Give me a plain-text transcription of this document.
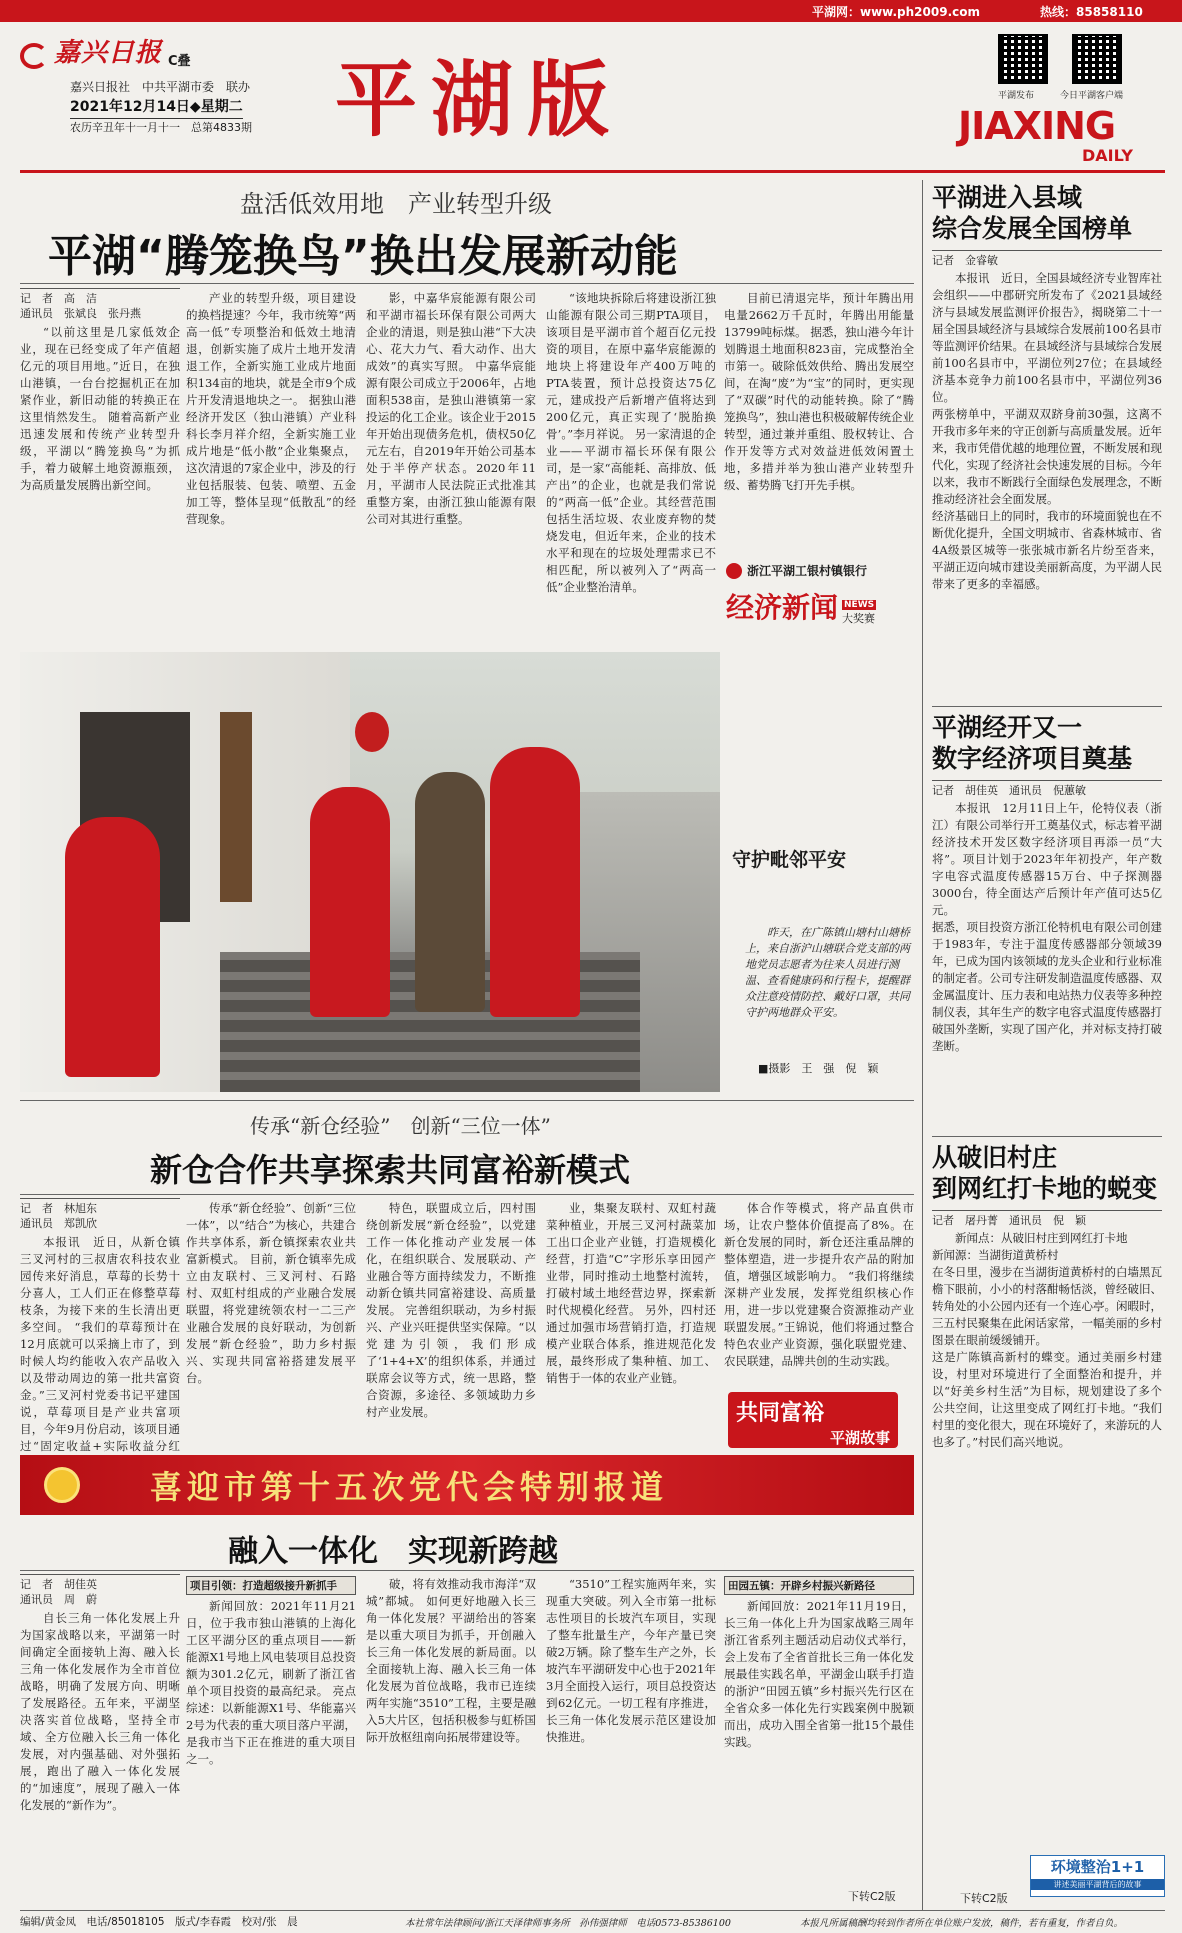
平湖网：www.ph2009.com	热线：85858110
嘉兴日报 C叠
嘉兴日报社　中共平湖市委　联办
2021年12月14日◆星期二
农历辛丑年十一月十一　总第4833期 平湖版	平湖发布	今日平湖客户端
JIAXING
DAILY
盘活低效用地　产业转型升级
平湖“腾笼换鸟”换出发展新动能
记　者　高　洁
通讯员　张斌良　张丹燕

“以前这里是几家低效企业，现在已经变成了年产值超亿元的项目用地。”近日，在独山港镇，一台台挖掘机正在加紧作业，新旧动能的转换正在这里悄然发生。 随着高新产业迅速发展和传统产业转型升级，平湖以“腾笼换鸟”为抓手，着力破解土地资源瓶颈，为高质量发展腾出新空间。

产业的转型升级，项目建设的换档提速？今年，我市统筹“两高一低”专项整治和低效土地清退，创新实施了成片土地开发清退工作，全新实施工业成片地面积134亩的地块，就是全市9个成片开发清退地块之一。 据独山港经济开发区（独山港镇）产业科科长李月祥介绍，全新实施工业成片地是“低小散”企业集聚点，这次清退的7家企业中，涉及的行业包括服装、包装、喷塑、五金加工等，整体呈现“低散乱”的经营现象。

影，中嘉华宸能源有限公司和平湖市福长环保有限公司两大企业的清退，则是独山港“下大决心、花大力气、看大动作、出大成效”的真实写照。 中嘉华宸能源有限公司成立于2006年，占地面积538亩，是独山港镇第一家投运的化工企业。该企业于2015年开始出现债务危机，债权50亿元左右，自2019年开始公司基本处于半停产状态。2020年11月，平湖市人民法院正式批准其重整方案，由浙江独山能源有限公司对其进行重整。

“该地块拆除后将建设浙江独山能源有限公司三期PTA项目，该项目是平湖市首个超百亿元投资的项目，在原中嘉华宸能源的地块上将建设年产400万吨的PTA装置，预计总投资达75亿元，建成投产后新增产值将达到200亿元，真正实现了‘脱胎换骨’。”李月祥说。 另一家清退的企业——平湖市福长环保有限公司，是一家“高能耗、高排放、低产出”的企业，也就是我们常说的“两高一低”企业。其经营范围包括生活垃圾、农业废弃物的焚烧发电，但近年来，企业的技术水平和现在的垃圾处理需求已不相匹配，所以被列入了“两高一低”企业整治清单。

目前已清退完毕，预计年腾出用电量2662万千瓦时，年腾出用能量13799吨标煤。 据悉，独山港今年计划腾退土地面积823亩，完成整治全市第一。破除低效供给、腾出发展空间，在淘“废”为“宝”的同时，更实现了“双碳”时代的动能转换。除了“腾笼换鸟”，独山港也积极破解传统企业转型，通过兼并重组、股权转让、合作开发等方式对效益进低效闲置土地，多措并举为独山港产业转型升级、蓄势腾飞打开先手棋。

浙江平湖工银村镇银行
经济新闻 NEWS
大奖赛
守护毗邻平安
昨天，在广陈镇山塘村山塘桥上，来自浙沪山塘联合党支部的两地党员志愿者为往来人员进行测温、查看健康码和行程卡，提醒群众注意疫情防控、戴好口罩，共同守护两地群众平安。
■摄影　王　强　倪　颖
传承“新仓经验”　创新“三位一体”
新仓合作共享探索共同富裕新模式
记　者　林旭东
通讯员　郑凯欣

本报讯　近日，从新仓镇三叉河村的三叔唐农科技农业园传来好消息，草莓的长势十分喜人，工人们正在修整草莓枝条，为接下来的生长清出更多空间。 “我们的草莓预计在12月底就可以采摘上市了，到时候人均约能收入农产品收入以及带动周边的第一批共富资金。”三叉河村党委书记平建国说，草莓项目是产业共富项目，今年9月份启动，该项目通过“固定收益+实际收益分红

传承“新仓经验”、创新“三位一体”，以“结合”为核心，共建合作共享体系，新仓镇探索农业共富新模式。 目前，新仓镇率先成立由友联村、三叉河村、石路村、双虹村组成的产业融合发展联盟，将党建统领农村一二三产业融合发展的良好联动，为创新发展“新仓经验”，助力乡村振兴、实现共同富裕搭建发展平台。

特色，联盟成立后，四村围绕创新发展“新仓经验”，以党建工作一体化推动产业发展一体化，在组织联合、发展联动、产业融合等方面持续发力，不断推动新仓镇共同富裕建设、高质量发展。 完善组织联动，为乡村振兴、产业兴旺提供坚实保障。“以党建为引领，我们形成了‘1+4+X’的组织体系，并通过联席会议等方式，统一思路，整合资源，多途径、多领域助力乡村产业发展。

业，集聚友联村、双虹村蔬菜种植业，开展三叉河村蔬菜加工出口企业产业链，打造规模化经营，打造“C”字形乐享田园产业带，同时推动土地整村流转，打破村域土地经营边界，探索新时代规模化经营。 另外，四村还通过加强市场营销打造，打造规模产业联合体系，推进规范化发展，最终形成了集种植、加工、销售于一体的农业产业链。

体合作等模式，将产品直供市场，让农户整体价值提高了8%。在新仓发展的同时，新仓还注重品牌的整体塑造，进一步提升农产品的附加值，增强区域影响力。 “我们将继续深耕产业发展，发挥党组织核心作用，进一步以党建聚合资源推动产业联盟发展。”王锦说，他们将通过整合特色农业产业资源，强化联盟党建、农民联建，品牌共创的生动实践。

共同富裕
平湖故事
喜迎市第十五次党代会特别报道
融入一体化　实现新跨越
记　者　胡佳英
通讯员　周　蔚

自长三角一体化发展上升为国家战略以来，平湖第一时间确定全面接轨上海、融入长三角一体化发展作为全市首位战略，明确了发展方向、明晰了发展路径。五年来，平湖坚决落实首位战略，坚持全市域、全方位融入长三角一体化发展，对内强基础、对外强拓展，跑出了融入一体化发展的“加速度”，展现了融入一体化发展的“新作为”。

项目引领：打造超级接升新抓手

新闻回放：2021年11月21日，位于我市独山港镇的上海化工区平湖分区的重点项目——新能源X1号地上风电装项目总投资额为301.2亿元，刷新了浙江省单个项目投资的最高纪录。 亮点综述：以新能源X1号、华能嘉兴2号为代表的重大项目落户平湖，是我市当下正在推进的重大项目之一。

破，将有效推动我市海洋“双城”都城。 如何更好地融入长三角一体化发展？平湖给出的答案是以重大项目为抓手，开创融入长三角一体化发展的新局面。以全面接轨上海、融入长三角一体化发展为首位战略，我市已连续两年实施“3510”工程，主要是融入5大片区，包括积极参与虹桥国际开放枢纽南向拓展带建设等。

“3510”工程实施两年来，实现重大突破。列入全市第一批标志性项目的长坡汽车项目，实现了整车批量生产，今年产量已突破2万辆。除了整车生产之外，长坡汽车平湖研发中心也于2021年3月全面投入运行，项目总投资达到62亿元。一切工程有序推进，长三角一体化发展示范区建设加快推进。

田园五镇：开辟乡村振兴新路径

新闻回放：2021年11月19日，长三角一体化上升为国家战略三周年浙江省系列主题活动启动仪式举行，会上发布了全省首批长三角一体化发展最佳实践名单，平湖金山联手打造的浙沪“田园五镇”乡村振兴先行区在全省众多一体化先行实践案例中脱颖而出，成功入围全省第一批15个最佳实践。

下转C2版
平湖进入县域
综合发展全国榜单
记者　金睿敏

本报讯　近日，全国县域经济专业智库社会组织——中郡研究所发布了《2021县域经济与县域发展监测评价报告》，揭晓第二十一届全国县域经济与县域综合发展前100名县市等监测评价结果。在县域经济与县域综合发展前100名县市中，平湖位列27位；在县域经济基本竞争力前100名县市中，平湖位列36位。
两张榜单中，平湖双双跻身前30强，这离不开我市多年来的守正创新与高质量发展。近年来，我市凭借优越的地理位置，不断发展和现代化，实现了经济社会快速发展的目标。今年以来，我市不断践行全面绿色发展理念，不断推动经济社会全面发展。
经济基础日上的同时，我市的环境面貌也在不断优化提升，全国文明城市、省森林城市、省4A级景区城等一张张城市新名片纷至沓来，平湖正迈向城市建设美丽新高度，为平湖人民带来了更多的幸福感。

平湖经开又一
数字经济项目奠基
记者　胡佳英　通讯员　倪蕙敏

本报讯　12月11日上午，伦特仪表（浙江）有限公司举行开工奠基仪式，标志着平湖经济技术开发区数字经济项目再添一员“大将”。项目计划于2023年年初投产，年产数字电容式温度传感器15万台、中子探测器3000台，待全面达产后预计年产值可达5亿元。
据悉，项目投资方浙江伦特机电有限公司创建于1983年，专注于温度传感器部分领域39年，已成为国内该领域的龙头企业和行业标准的制定者。公司专注研发制造温度传感器、双金属温度计、压力表和电站热力仪表等多种控制仪表，其年生产的数字电容式温度传感器打破国外垄断，实现了国产化，并对标支持打破垄断。

从破旧村庄
到网红打卡地的蜕变
记者　屠丹菁　通讯员　倪　颖

新闻点：从破旧村庄到网红打卡地
新闻源：当湖街道黄桥村
在冬日里，漫步在当湖街道黄桥村的白墙黑瓦檐下眼前，小小的村落酣畅恬淡，曾经破旧、转角处的小公园内还有一个连心亭。闲暇时，三五村民聚集在此闲话家常，一幅美丽的乡村图景在眼前缓缓铺开。
这是广陈镇高新村的蝶变。通过美丽乡村建设，村里对环境进行了全面整治和提升，并以“好美乡村生活”为目标，规划建设了多个公共空间，让这里变成了网红打卡地。“我们村里的变化很大，现在环境好了，来游玩的人也多了。”村民们高兴地说。

环境整治1+1
讲述美丽平湖背后的故事
下转C2版
编辑/黄金凤　电话/85018105　版式/李春霞　校对/张　晨	本社常年法律顾问/浙江天泽律师事务所　孙伟强律师　电话0573-85386100	本报凡所属稿酬均转到作者所在单位账户发放，稿件，若有重复，作者自负。
